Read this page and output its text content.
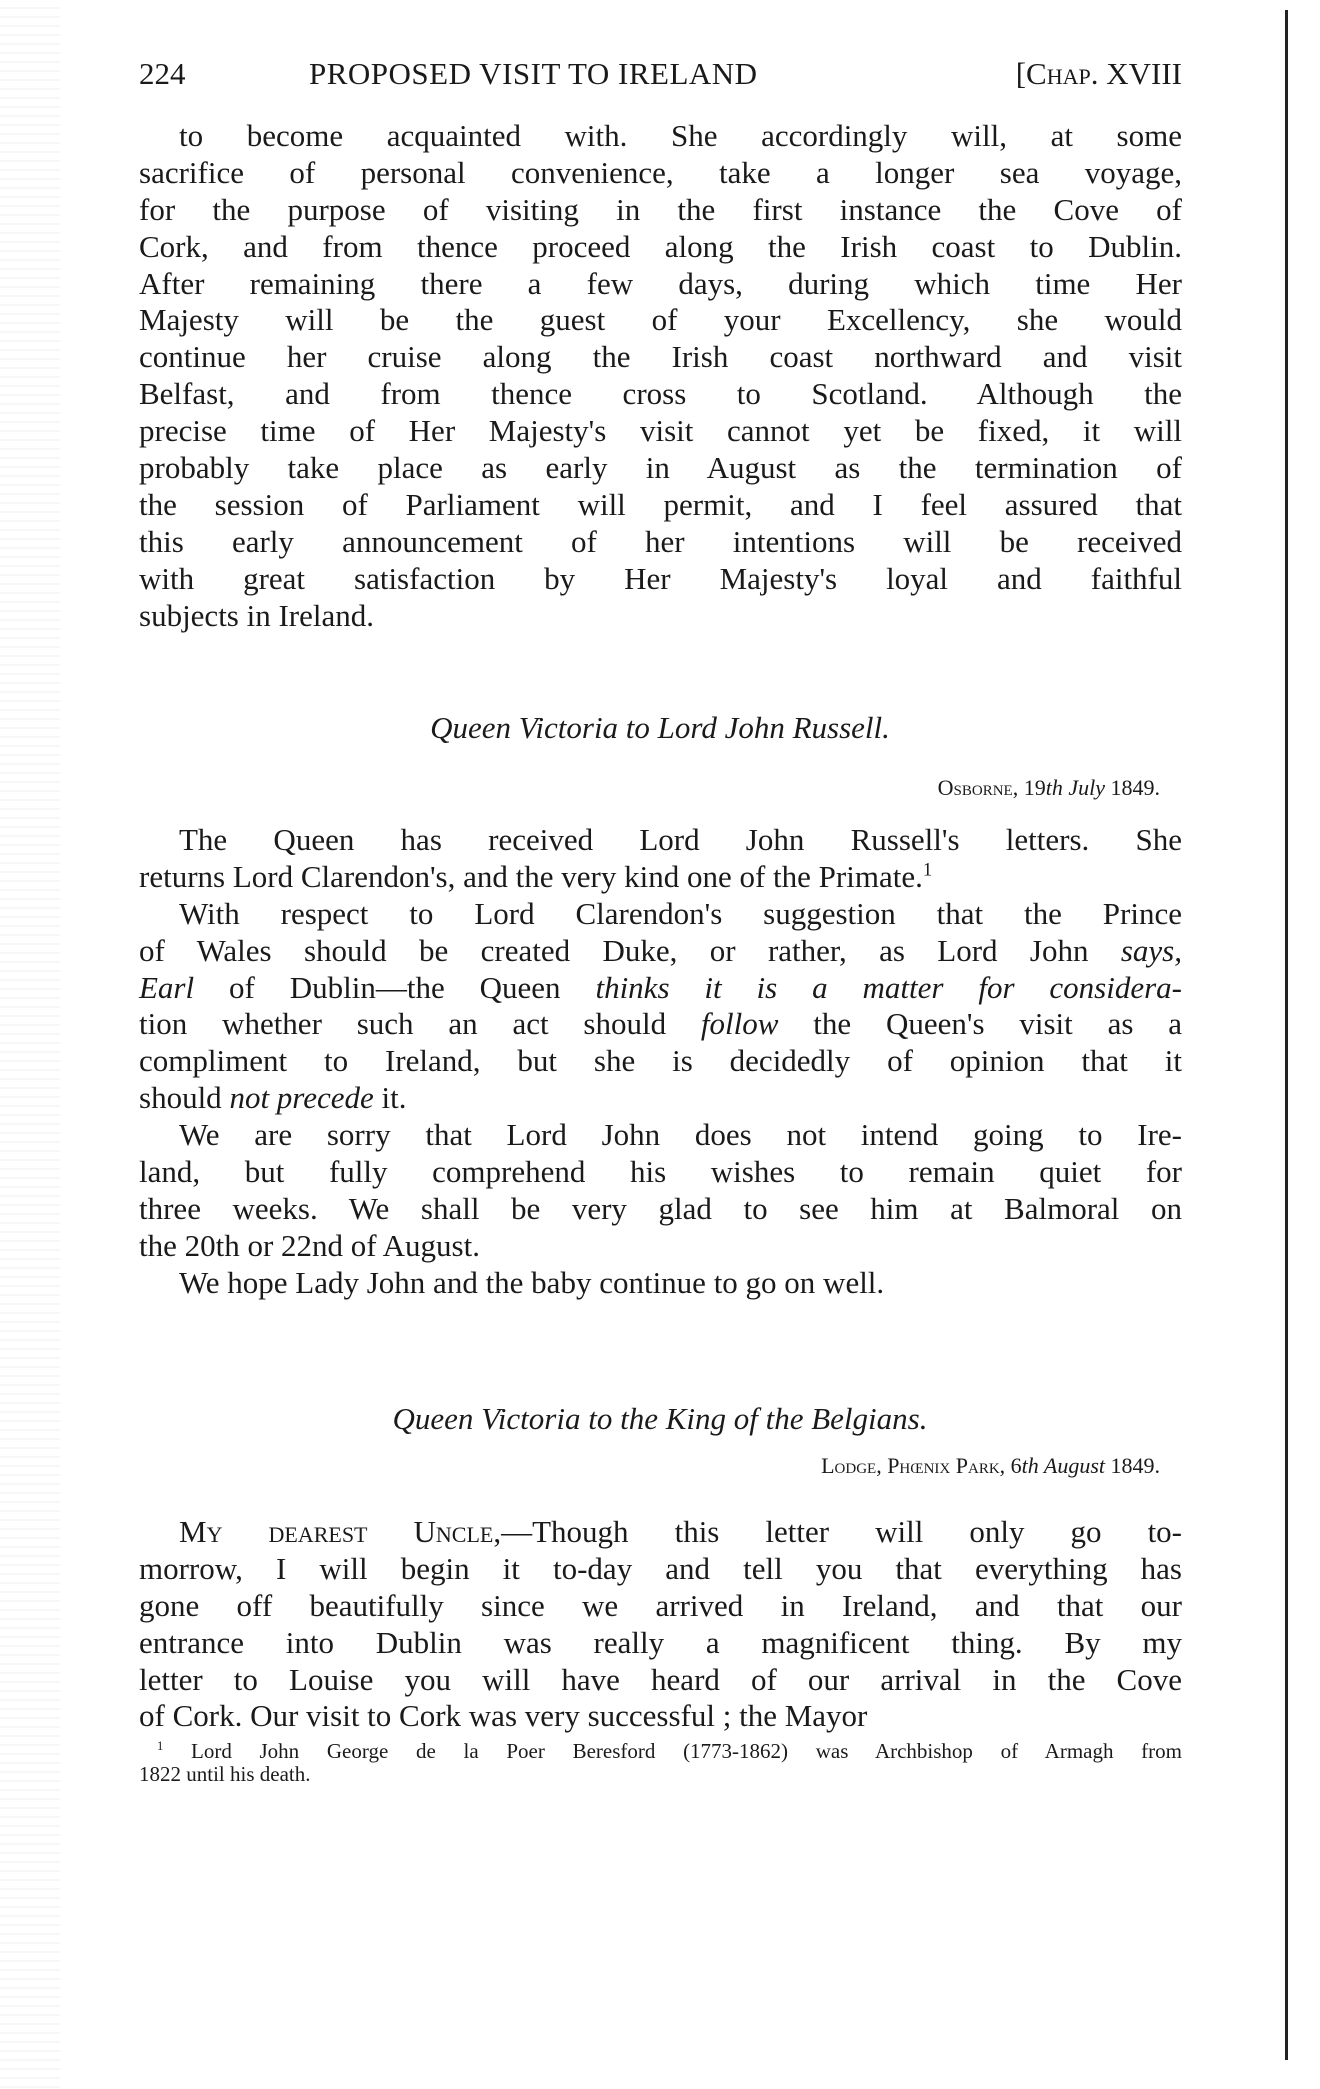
224	PROPOSED VISIT TO IRELAND	[Chap. XVIII
to become acquainted with. She accordingly will, at some
sacrifice of personal convenience, take a longer sea voyage,
for the purpose of visiting in the first instance the Cove of
Cork, and from thence proceed along the Irish coast to Dublin.
After remaining there a few days, during which time Her
Majesty will be the guest of your Excellency, she would
continue her cruise along the Irish coast northward and visit
Belfast, and from thence cross to Scotland. Although the
precise time of Her Majesty's visit cannot yet be fixed, it will
probably take place as early in August as the termination of
the session of Parliament will permit, and I feel assured that
this early announcement of her intentions will be received
with great satisfaction by Her Majesty's loyal and faithful
subjects in Ireland.
Queen Victoria to Lord John Russell.
Osborne, 19th July 1849.
The Queen has received Lord John Russell's letters. She
returns Lord Clarendon's, and the very kind one of the Primate.$^1$
With respect to Lord Clarendon's suggestion that the Prince
of Wales should be created Duke, or rather, as Lord John says,
Earl of Dublin—the Queen thinks it is a matter for considera-
tion whether such an act should follow the Queen's visit as a
compliment to Ireland, but she is decidedly of opinion that it
should not precede it.
We are sorry that Lord John does not intend going to Ire-
land, but fully comprehend his wishes to remain quiet for
three weeks. We shall be very glad to see him at Balmoral on
the 20th or 22nd of August.
We hope Lady John and the baby continue to go on well.
Queen Victoria to the King of the Belgians.
Lodge, Phœnix Park, 6th August 1849.
My dearest Uncle,—Though this letter will only go to-
morrow, I will begin it to-day and tell you that everything has
gone off beautifully since we arrived in Ireland, and that our
entrance into Dublin was really a magnificent thing. By my
letter to Louise you will have heard of our arrival in the Cove
of Cork. Our visit to Cork was very successful ; the Mayor
$^1$ Lord John George de la Poer Beresford (1773-1862) was Archbishop of Armagh from
1822 until his death.
